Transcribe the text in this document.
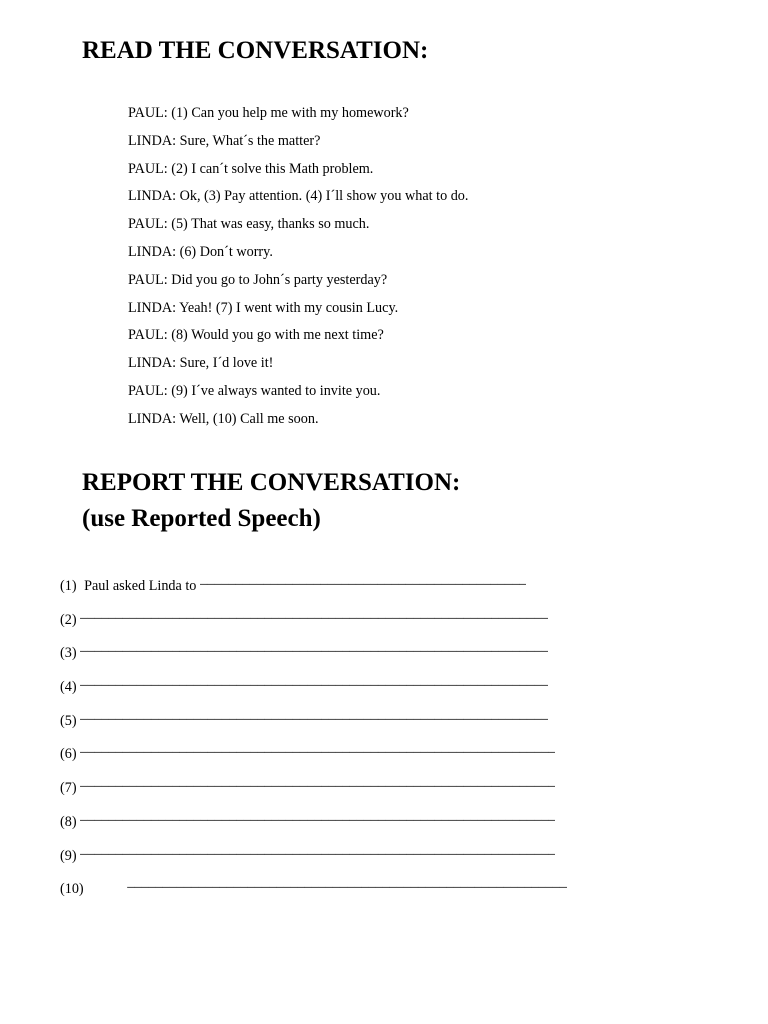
READ THE CONVERSATION:
PAUL: (1) Can you help me with my homework?
LINDA: Sure, What´s the matter?
PAUL: (2) I can´t solve this Math problem.
LINDA: Ok, (3) Pay attention. (4) I´ll show you what to do.
PAUL: (5) That was easy, thanks so much.
LINDA: (6) Don´t worry.
PAUL: Did you go to John´s party yesterday?
LINDA: Yeah! (7) I went with my cousin Lucy.
PAUL: (8) Would you go with me next time?
LINDA: Sure, I´d love it!
PAUL: (9) I´ve always wanted to invite you.
LINDA: Well, (10) Call me soon.
REPORT THE CONVERSATION:
(use Reported Speech)
(1) Paul asked Linda to ______________________________________________
(2) __________________________________________________________________
(3) __________________________________________________________________
(4) __________________________________________________________________
(5) __________________________________________________________________
(6) ___________________________________________________________________
(7) ___________________________________________________________________
(8) ___________________________________________________________________
(9) ___________________________________________________________________
(10)	______________________________________________________________
